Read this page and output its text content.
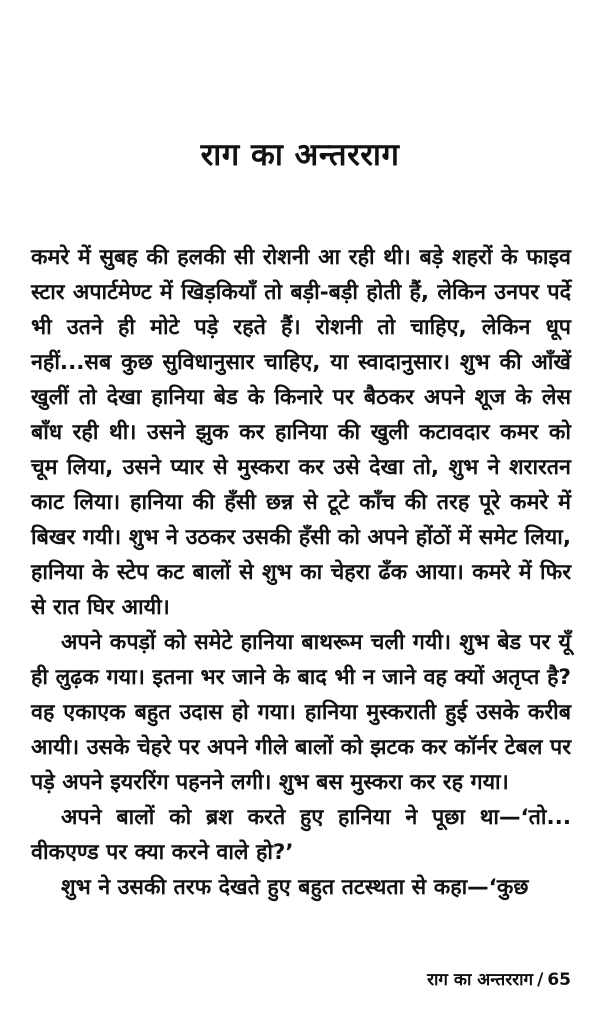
राग का अन्तरराग

कमरे में सुबह की हलकी सी रोशनी आ रही थी। बड़े शहरों के फाइव स्टार अपार्टमेण्ट में खिड़कियाँ तो बड़ी-बड़ी होती हैं, लेकिन उनपर पर्दे भी उतने ही मोटे पड़े रहते हैं। रोशनी तो चाहिए, लेकिन धूप नहीं...सब कुछ सुविधानुसार चाहिए, या स्वादानुसार। शुभ की आँखें खुलीं तो देखा हानिया बेड के किनारे पर बैठकर अपने शूज के लेस बाँध रही थी। उसने झुक कर हानिया की खुली कटावदार कमर को चूम लिया, उसने प्यार से मुस्करा कर उसे देखा तो, शुभ ने शरारतन काट लिया। हानिया की हँसी छन्न से टूटे काँच की तरह पूरे कमरे में बिखर गयी। शुभ ने उठकर उसकी हँसी को अपने होंठों में समेट लिया, हानिया के स्टेप कट बालों से शुभ का चेहरा ढँक आया। कमरे में फिर से रात घिर आयी।

अपने कपड़ों को समेटे हानिया बाथरूम चली गयी। शुभ बेड पर यूँ ही लुढ़क गया। इतना भर जाने के बाद भी न जाने वह क्यों अतृप्त है? वह एकाएक बहुत उदास हो गया। हानिया मुस्कराती हुई उसके करीब आयी। उसके चेहरे पर अपने गीले बालों को झटक कर कॉर्नर टेबल पर पड़े अपने इयररिंग पहनने लगी। शुभ बस मुस्करा कर रह गया।

अपने बालों को ब्रश करते हुए हानिया ने पूछा था—‘तो... वीकएण्ड पर क्या करने वाले हो?’

शुभ ने उसकी तरफ देखते हुए बहुत तटस्थता से कहा—‘कुछ

राग का अन्तरराग / 65
